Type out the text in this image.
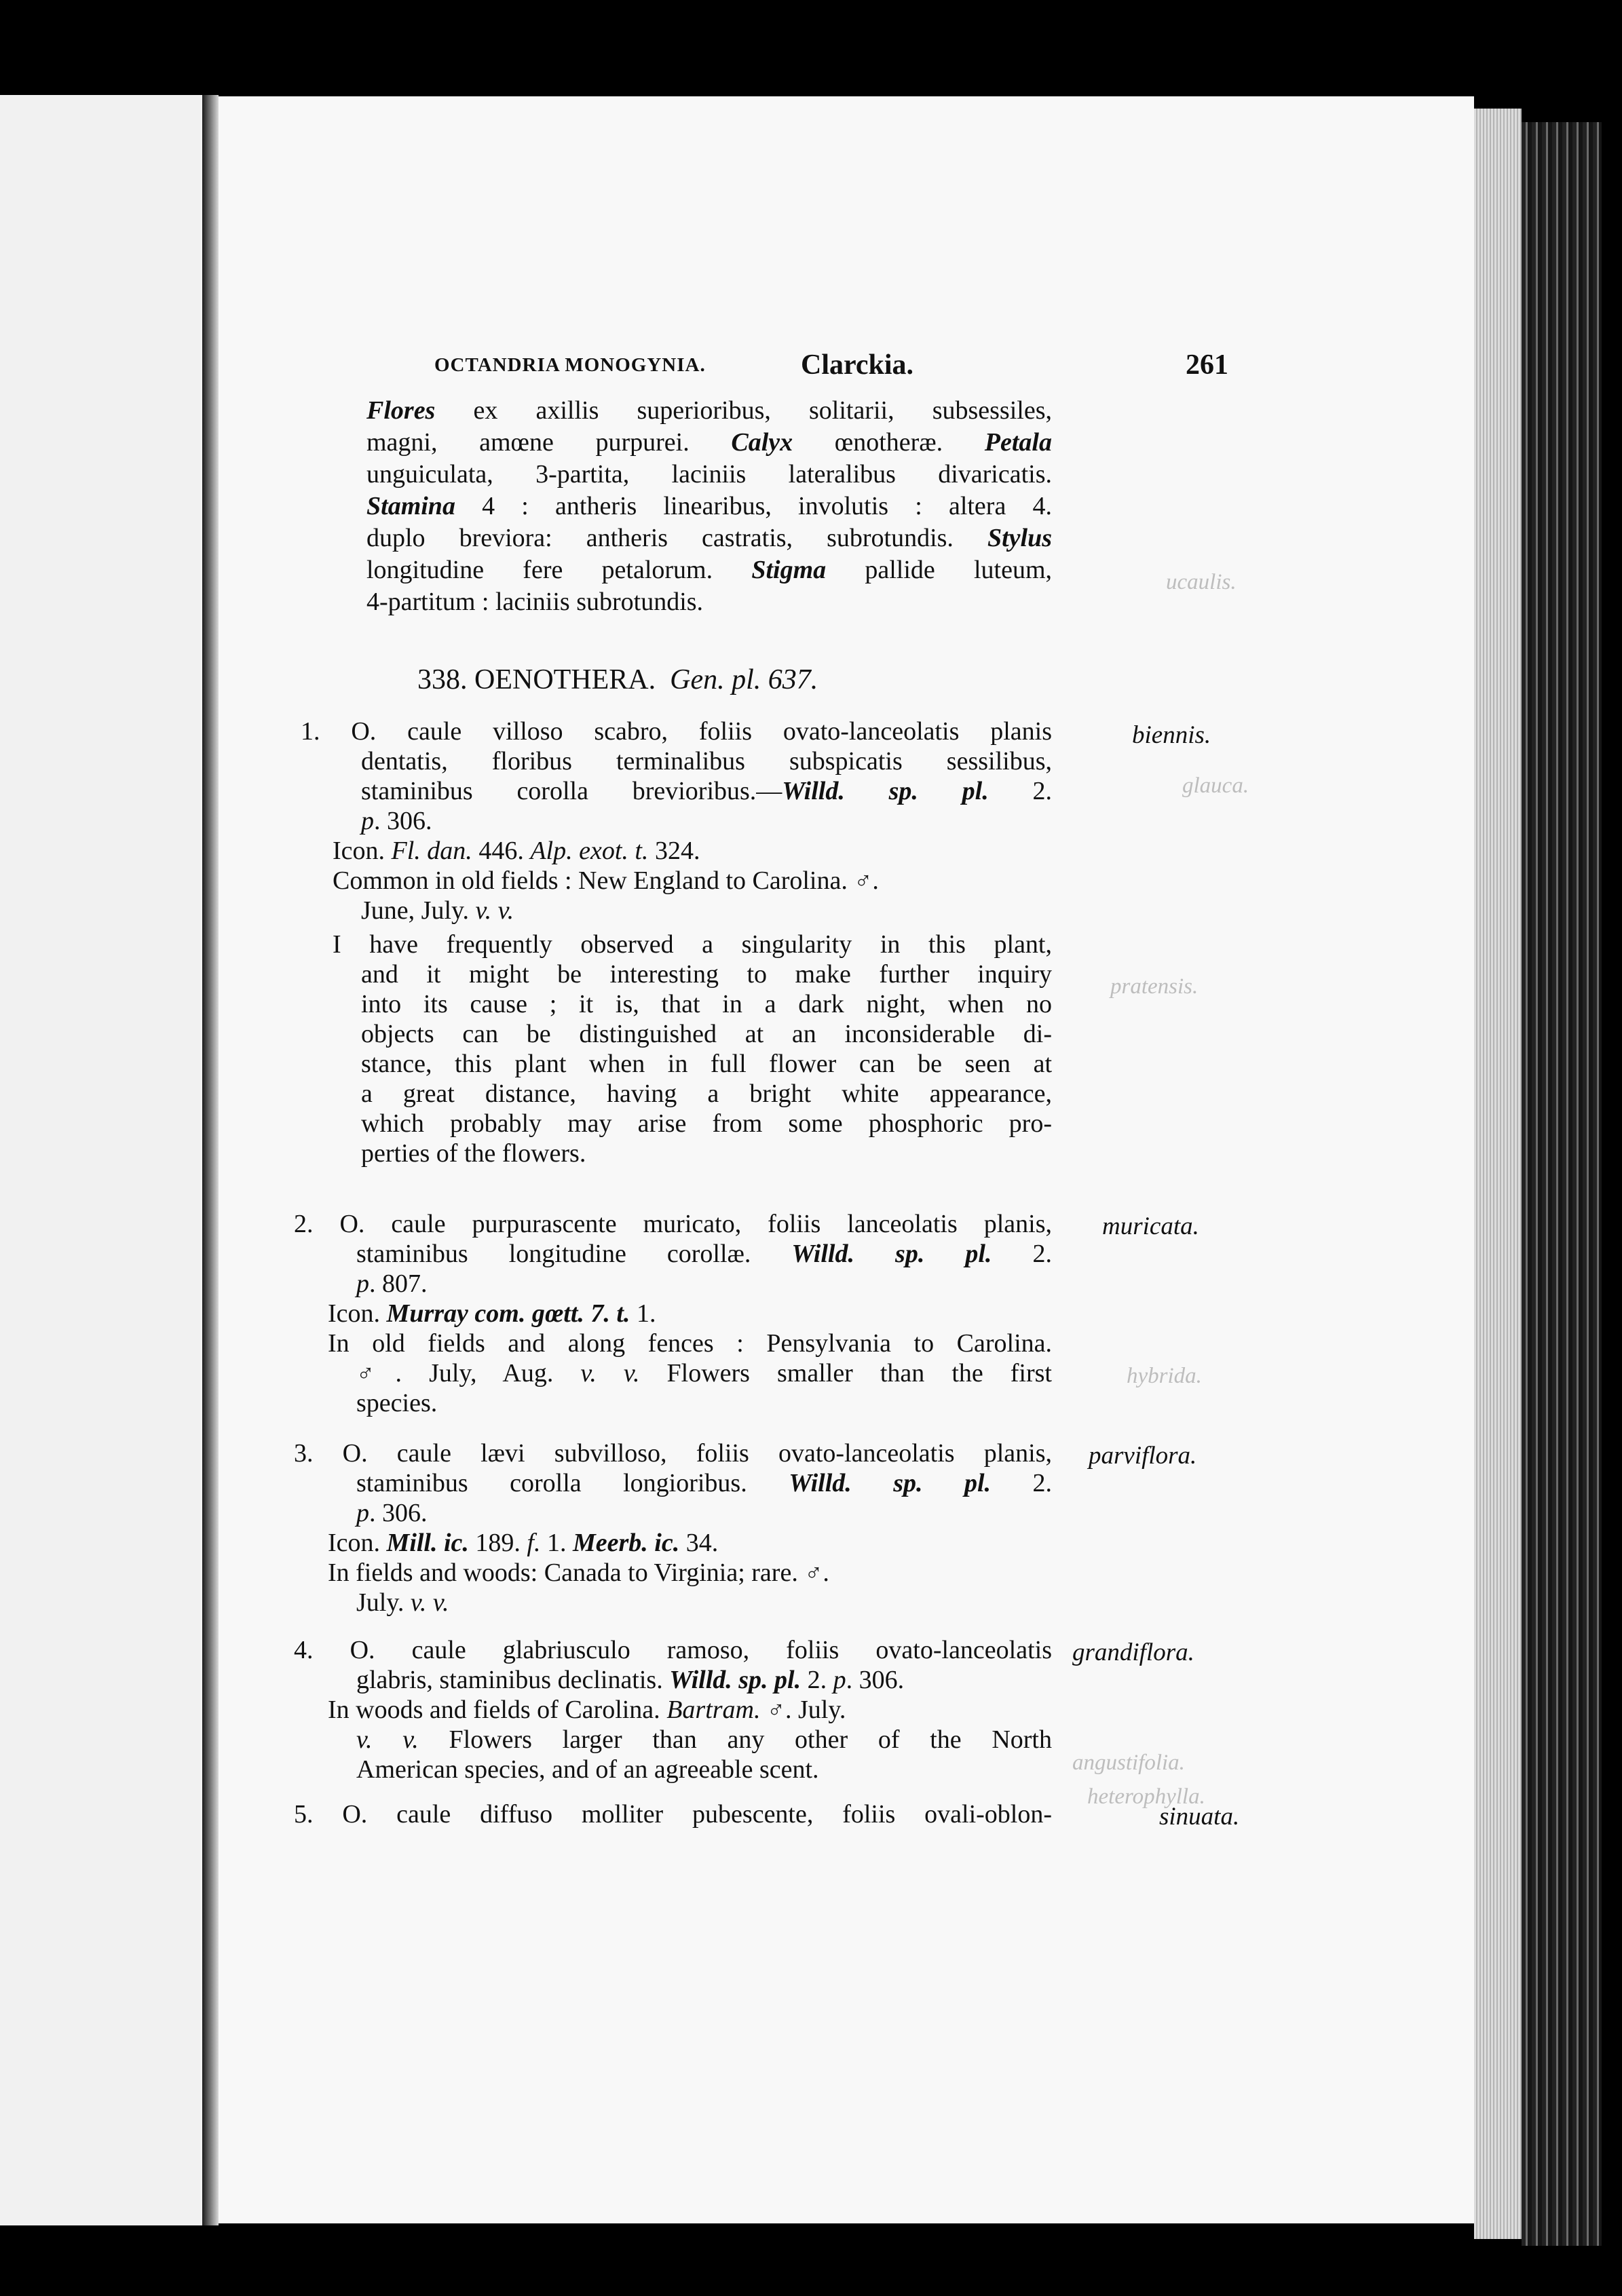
ucaulis.
glauca.
pratensis.
hybrida.
angustifolia.
heterophylla.
OCTANDRIA MONOGYNIA.	Clarckia.	261
Flores ex axillis superioribus, solitarii, subsessiles,
magni, amœne purpurei. Calyx œnotheræ. Petala
unguiculata, 3-partita, laciniis lateralibus divaricatis.
Stamina 4 : antheris linearibus, involutis : altera 4.
duplo breviora: antheris castratis, subrotundis. Stylus
longitudine fere petalorum. Stigma pallide luteum,
4-partitum : laciniis subrotundis.
338. OENOTHERA. Gen. pl. 637.
1. O. caule villoso scabro, foliis ovato-lanceolatis planis	biennis.
dentatis, floribus terminalibus subspicatis sessilibus,
staminibus corolla brevioribus.—Willd. sp. pl. 2.
p. 306.
Icon. Fl. dan. 446. Alp. exot. t. 324.
Common in old fields : New England to Carolina. ♂.
June, July. v. v.
I have frequently observed a singularity in this plant,
and it might be interesting to make further inquiry
into its cause ; it is, that in a dark night, when no
objects can be distinguished at an inconsiderable di-
stance, this plant when in full flower can be seen at
a great distance, having a bright white appearance,
which probably may arise from some phosphoric pro-
perties of the flowers.
2. O. caule purpurascente muricato, foliis lanceolatis planis, muricata.
staminibus longitudine corollæ. Willd. sp. pl. 2.
p. 807.
Icon. Murray com. gœtt. 7. t. 1.
In old fields and along fences : Pensylvania to Carolina.
♂. July, Aug. v. v. Flowers smaller than the first
species.
3. O. caule lævi subvilloso, foliis ovato-lanceolatis planis, parviflora.
staminibus corolla longioribus. Willd. sp. pl. 2.
p. 306.
Icon. Mill. ic. 189. f. 1. Meerb. ic. 34.
In fields and woods: Canada to Virginia; rare. ♂.
July. v. v.
4. O. caule glabriusculo ramoso, foliis ovato-lanceolatis grandiflora.
glabris, staminibus declinatis. Willd. sp. pl. 2. p. 306.
In woods and fields of Carolina. Bartram. ♂. July.
v. v. Flowers larger than any other of the North
American species, and of an agreeable scent.
5. O. caule diffuso molliter pubescente, foliis ovali-oblon-	sinuata.
